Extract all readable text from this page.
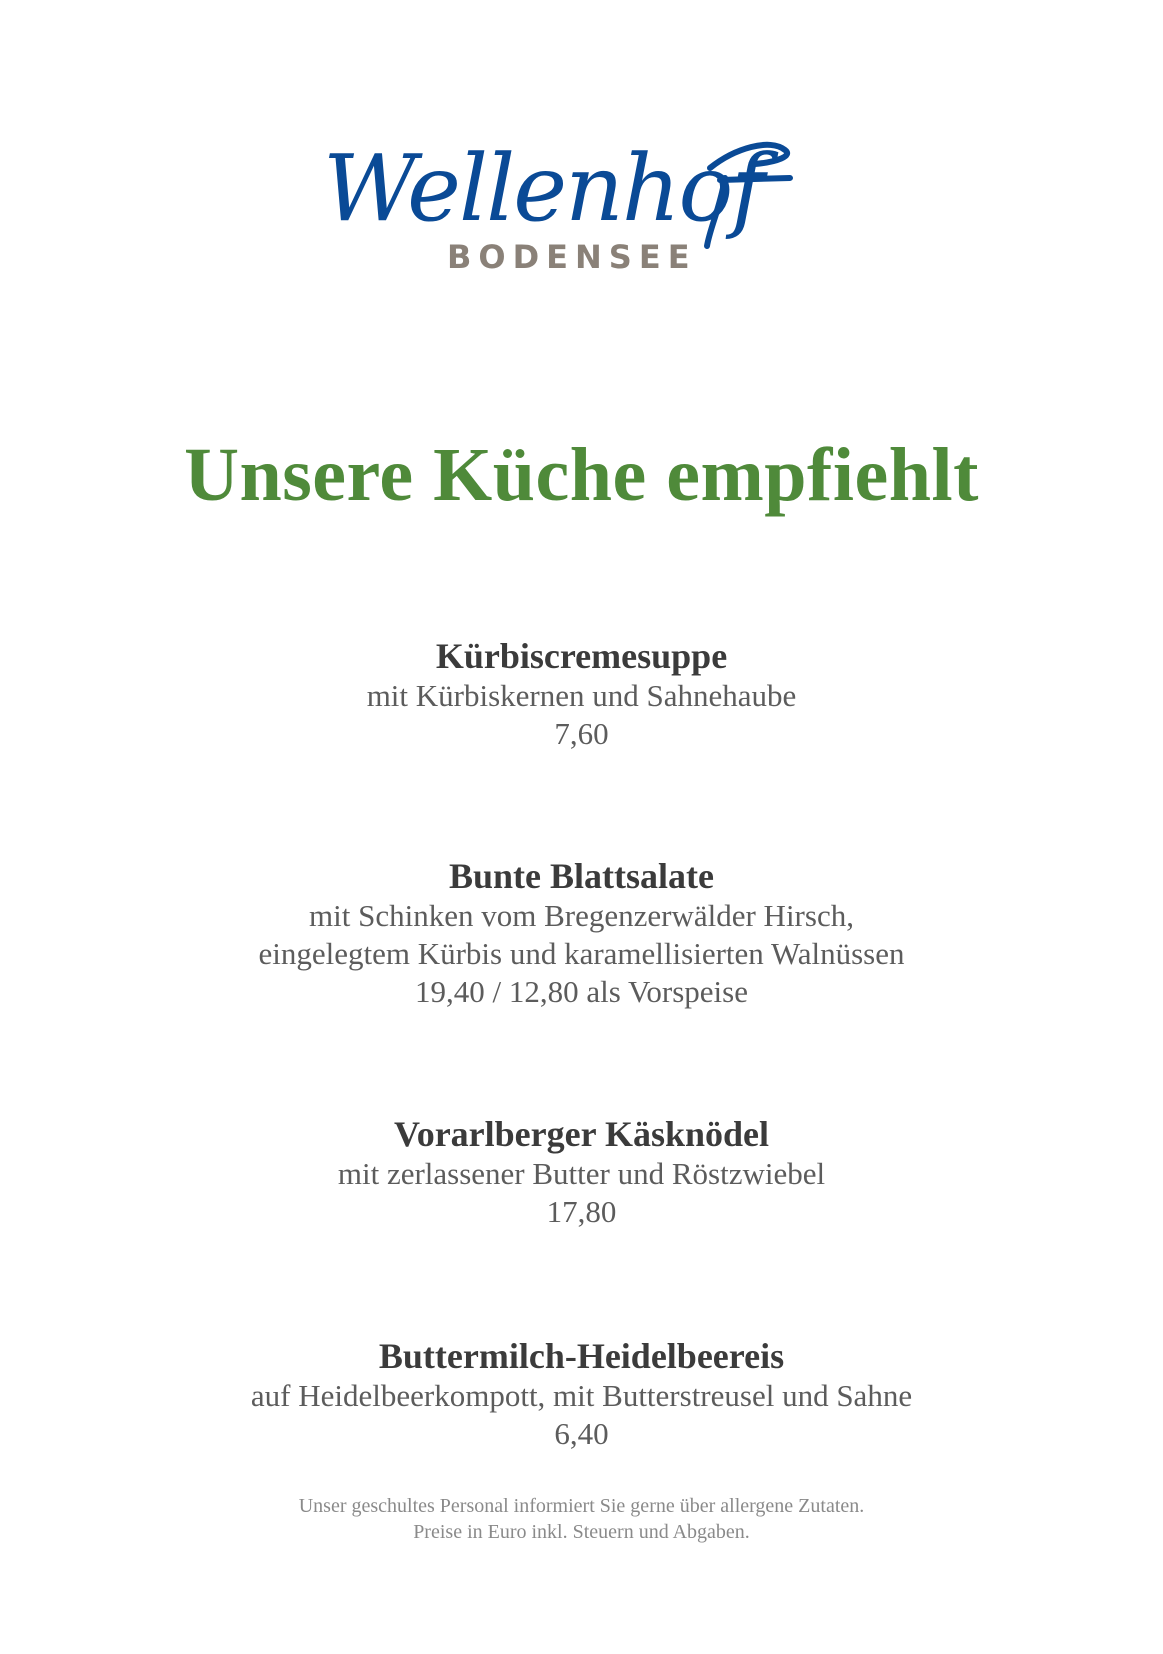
Wellenhof
BODENSEE
Unsere Küche empfiehlt
Kürbiscremesuppe
mit Kürbiskernen und Sahnehaube
7,60
Bunte Blattsalate
mit Schinken vom Bregenzerwälder Hirsch,
eingelegtem Kürbis und karamellisierten Walnüssen
19,40 / 12,80 als Vorspeise
Vorarlberger Käsknödel
mit zerlassener Butter und Röstzwiebel
17,80
Buttermilch-Heidelbeereis
auf Heidelbeerkompott, mit Butterstreusel und Sahne
6,40
Unser geschultes Personal informiert Sie gerne über allergene Zutaten.
Preise in Euro inkl. Steuern und Abgaben.
